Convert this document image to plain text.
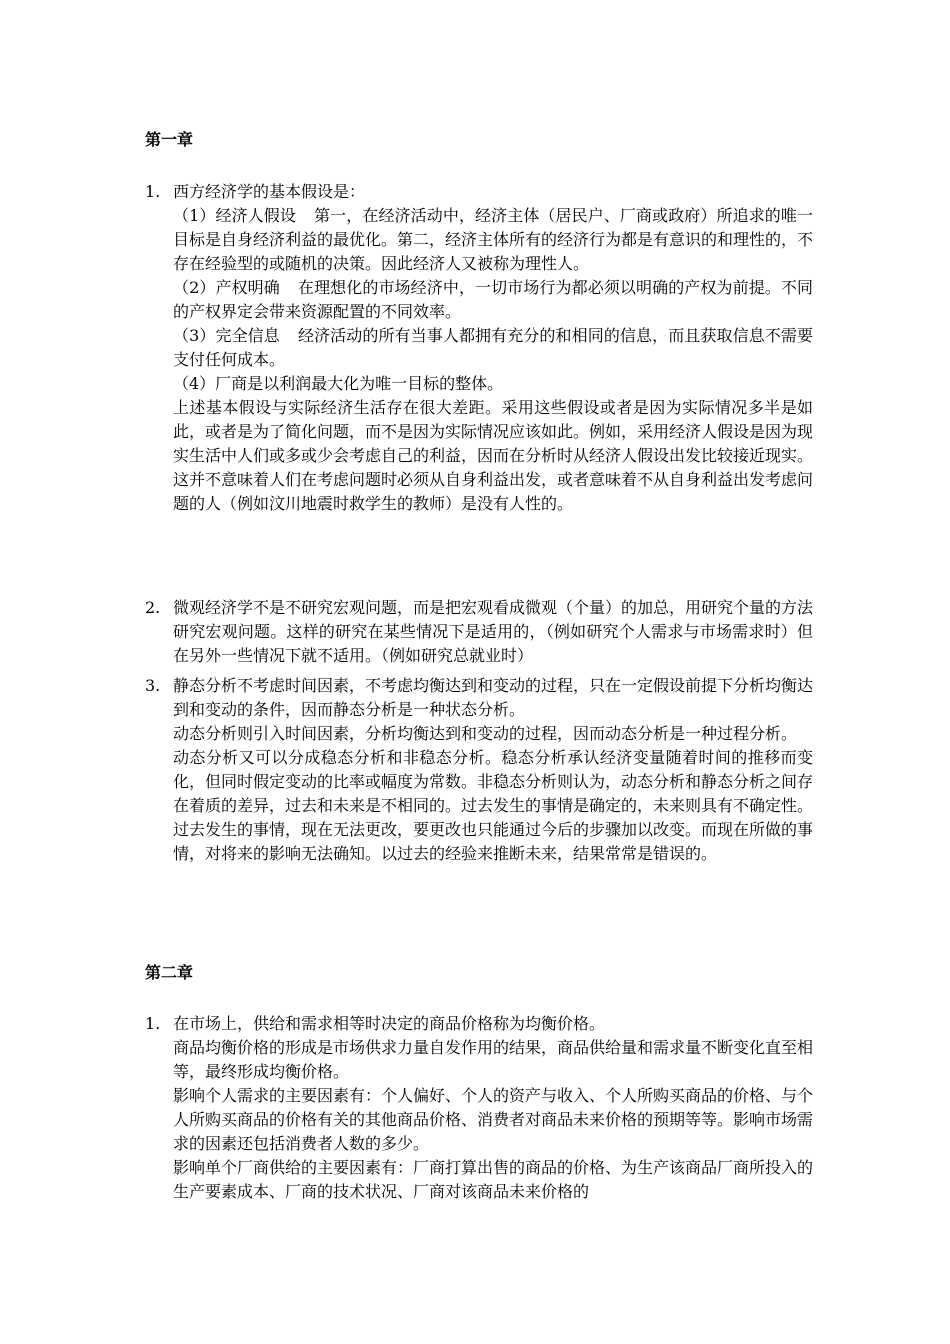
第一章
1. 西方经济学的基本假设是：

（1）经济人假设 第一，在经济活动中，经济主体（居民户、厂商或政府）所追求的唯一目标是自身经济利益的最优化。第二，经济主体所有的经济行为都是有意识的和理性的，不存在经验型的或随机的决策。因此经济人又被称为理性人。

（2）产权明确 在理想化的市场经济中，一切市场行为都必须以明确的产权为前提。不同的产权界定会带来资源配置的不同效率。

（3）完全信息 经济活动的所有当事人都拥有充分的和相同的信息，而且获取信息不需要支付任何成本。

（4）厂商是以利润最大化为唯一目标的整体。

上述基本假设与实际经济生活存在很大差距。采用这些假设或者是因为实际情况多半是如此，或者是为了简化问题，而不是因为实际情况应该如此。例如，采用经济人假设是因为现实生活中人们或多或少会考虑自己的利益，因而在分析时从经济人假设出发比较接近现实。这并不意味着人们在考虑问题时必须从自身利益出发，或者意味着不从自身利益出发考虑问题的人（例如汶川地震时救学生的教师）是没有人性的。

2. 微观经济学不是不研究宏观问题，而是把宏观看成微观（个量）的加总，用研究个量的方法研究宏观问题。这样的研究在某些情况下是适用的，（例如研究个人需求与市场需求时）但在另外一些情况下就不适用。（例如研究总就业时）

3. 静态分析不考虑时间因素，不考虑均衡达到和变动的过程，只在一定假设前提下分析均衡达到和变动的条件，因而静态分析是一种状态分析。

动态分析则引入时间因素，分析均衡达到和变动的过程，因而动态分析是一种过程分析。

动态分析又可以分成稳态分析和非稳态分析。稳态分析承认经济变量随着时间的推移而变化，但同时假定变动的比率或幅度为常数。非稳态分析则认为，动态分析和静态分析之间存在着质的差异，过去和未来是不相同的。过去发生的事情是确定的，未来则具有不确定性。过去发生的事情，现在无法更改，要更改也只能通过今后的步骤加以改变。而现在所做的事情，对将来的影响无法确知。以过去的经验来推断未来，结果常常是错误的。

第二章
1. 在市场上，供给和需求相等时决定的商品价格称为均衡价格。

商品均衡价格的形成是市场供求力量自发作用的结果，商品供给量和需求量不断变化直至相等，最终形成均衡价格。

影响个人需求的主要因素有：个人偏好、个人的资产与收入、个人所购买商品的价格、与个人所购买商品的价格有关的其他商品价格、消费者对商品未来价格的预期等等。影响市场需求的因素还包括消费者人数的多少。

影响单个厂商供给的主要因素有：厂商打算出售的商品的价格、为生产该商品厂商所投入的生产要素成本、厂商的技术状况、厂商对该商品未来价格的
